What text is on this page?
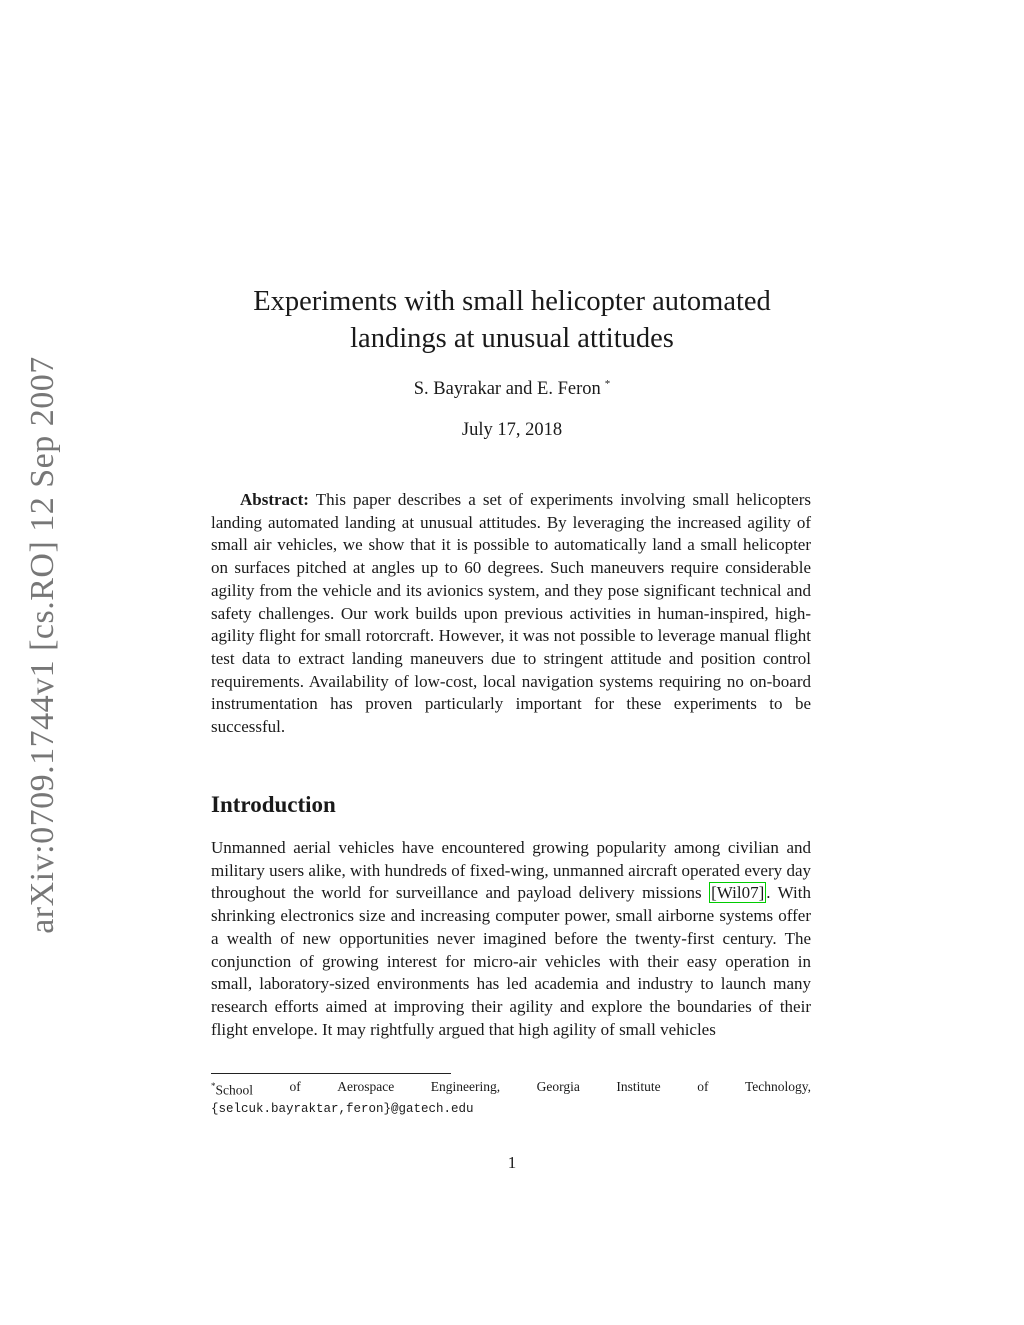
arXiv:0709.1744v1 [cs.RO] 12 Sep 2007
Experiments with small helicopter automated
landings at unusual attitudes
S. Bayrakar and E. Feron *
July 17, 2018

Abstract: This paper describes a set of experiments involving small helicopters landing automated landing at unusual attitudes. By leveraging the increased agility of small air vehicles, we show that it is possible to automatically land a small helicopter on surfaces pitched at angles up to 60 degrees. Such maneuvers require considerable agility from the vehicle and its avionics system, and they pose significant technical and safety challenges. Our work builds upon previous activities in human-inspired, high-agility flight for small rotorcraft. However, it was not possible to leverage manual flight test data to extract landing maneuvers due to stringent attitude and position control requirements. Availability of low-cost, local navigation systems requiring no on-board instrumentation has proven particularly important for these experiments to be successful.

Introduction

Unmanned aerial vehicles have encountered growing popularity among civilian and military users alike, with hundreds of fixed-wing, unmanned aircraft operated every day throughout the world for surveillance and payload delivery missions [Wil07] . With shrinking electronics size and increasing computer power, small airborne systems offer a wealth of new opportunities never imagined before the twenty-first century. The conjunction of growing interest for micro-air vehicles with their easy operation in small, laboratory-sized environments has led academia and industry to launch many research efforts aimed at improving their agility and explore the boundaries of their flight envelope. It may rightfully argued that high agility of small vehicles

*School	of	Aerospace	Engineering,	Georgia	Institute	of	Technology,
{selcuk.bayraktar,feron}@gatech.edu
1
